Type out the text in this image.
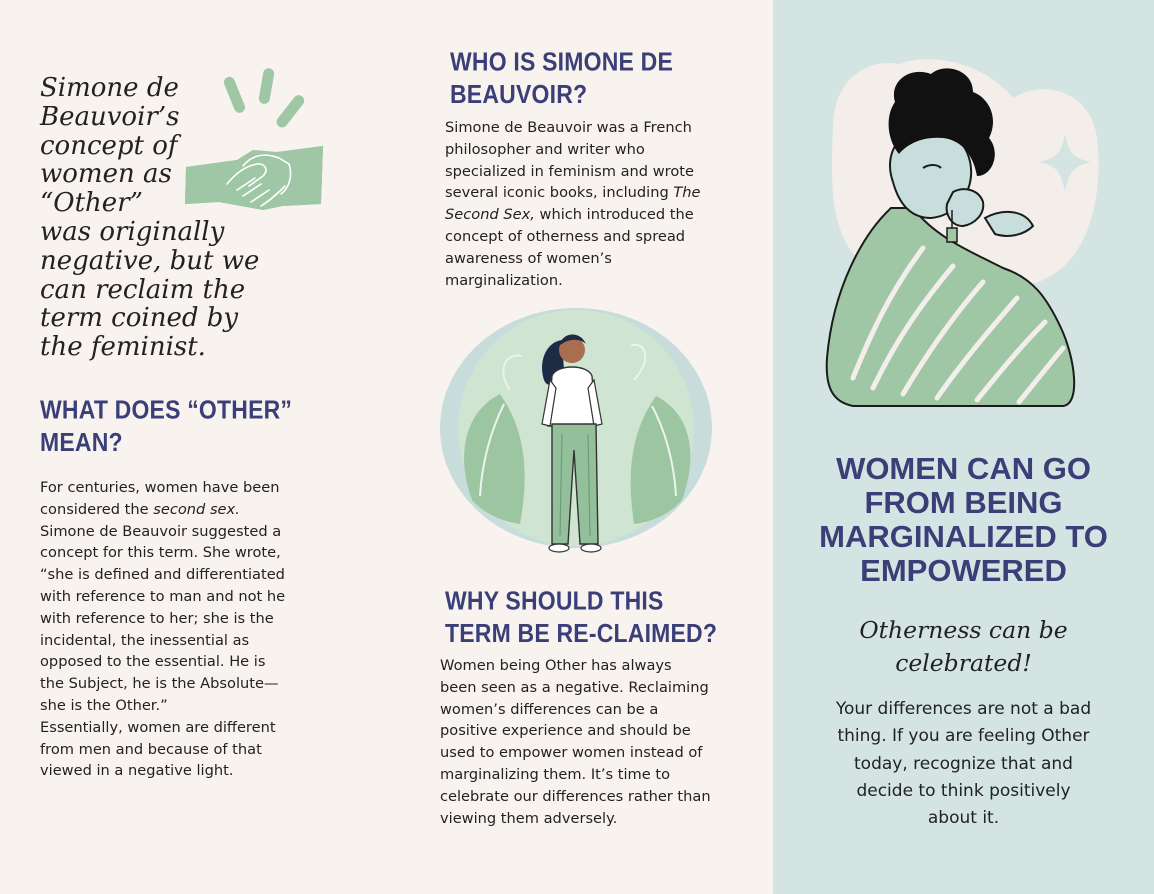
Simone de
Beauvoir’s
concept of
women as
“Other”
was originally
negative, but we
can reclaim the
term coined by
the feminist.
WHAT DOES “OTHER”
MEAN?
For centuries, women have been
considered the second sex.
Simone de Beauvoir suggested a
concept for this term. She wrote,
“she is defined and differentiated
with reference to man and not he
with reference to her; she is the
incidental, the inessential as
opposed to the essential. He is
the Subject, he is the Absolute—
she is the Other.”
Essentially, women are different
from men and because of that
viewed in a negative light.
WHO IS SIMONE DE
BEAUVOIR?
Simone de Beauvoir was a French
philosopher and writer who
specialized in feminism and wrote
several iconic books, including The
Second Sex, which introduced the
concept of otherness and spread
awareness of women’s
marginalization.
WHY SHOULD THIS
TERM BE RE-CLAIMED?
Women being Other has always
been seen as a negative. Reclaiming
women’s differences can be a
positive experience and should be
used to empower women instead of
marginalizing them. It’s time to
celebrate our differences rather than
viewing them adversely.
WOMEN CAN GO
FROM BEING
MARGINALIZED TO
EMPOWERED
Otherness can be
celebrated!
Your differences are not a bad
thing. If you are feeling Other
today, recognize that and
decide to think positively
about it.
